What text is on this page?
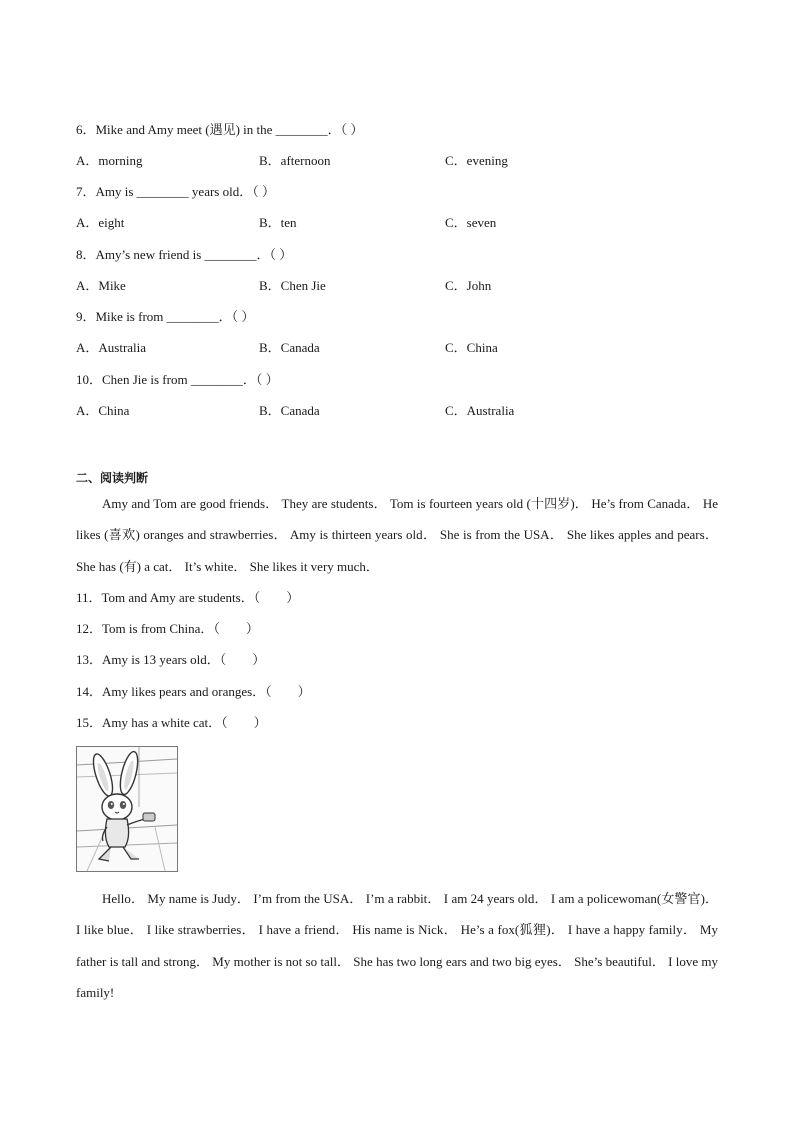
6．Mike and Amy meet (遇见) in the ________．（ ）
A．morning	B．afternoon	C．evening
7．Amy is ________ years old．（ ）
A．eight	B．ten	C．seven
8．Amy’s new friend is ________．（ ）
A．Mike	B．Chen Jie	C．John
9．Mike is from ________．（ ）
A．Australia	B．Canada	C．China
10．Chen Jie is from ________．（ ）
A．China	B．Canada	C．Australia
二、阅读判断

Amy and Tom are good friends． They are students． Tom is fourteen years old (十四岁)． He’s from Canada． He likes (喜欢) oranges and strawberries． Amy is thirteen years old． She is from the USA． She likes apples and pears． She has (有) a cat． It’s white． She likes it very much．

11．Tom and Amy are students．（　　）
12．Tom is from China．（　　）
13．Amy is 13 years old．（　　）
14．Amy likes pears and oranges．（　　）
15．Amy has a white cat．（　　）

Hello． My name is Judy． I’m from the USA． I’m a rabbit． I am 24 years old． I am a policewoman(女警官)． I like blue． I like strawberries． I have a friend． His name is Nick． He’s a fox(狐狸)． I have a happy family． My father is tall and strong． My mother is not so tall． She has two long ears and two big eyes． She’s beautiful． I love my family!
